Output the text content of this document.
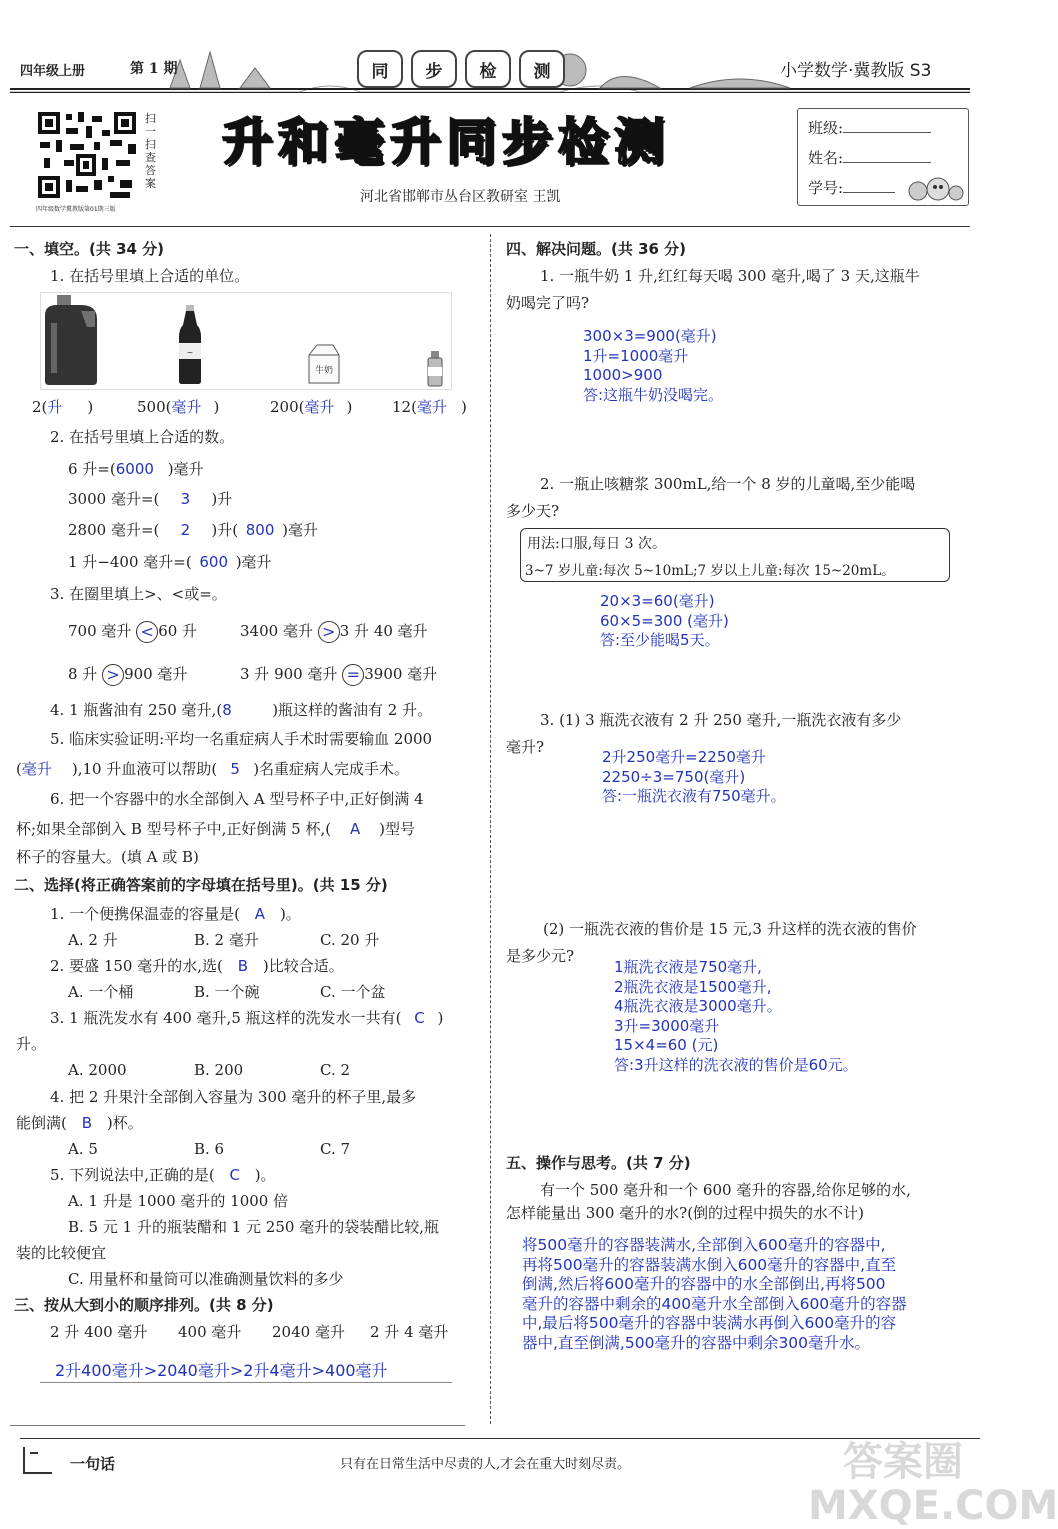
四年级上册	第 1 期	同	步	检	测	小学数学·冀教版 S3
扫一扫查答案
四年级数学冀教版第01期三版
升和毫升同步检测
河北省邯郸市丛台区教研室 王凯
班级:
姓名:
学号:
一、填空。(共 34 分)
1. 在括号里填上合适的单位。
~
牛奶
2(升 )	500(毫升 )	200(毫升 )	12(毫升 )
2. 在括号里填上合适的数。
6 升=(6000 )毫升
3000 毫升=( 3 )升
2800 毫升=( 2 )升( 800 )毫升
1 升−400 毫升=( 600 )毫升
3. 在圈里填上>、<或=。
700 毫升 < 60 升	3400 毫升 > 3 升 40 毫升
8 升 > 900 毫升	3 升 900 毫升 = 3900 毫升
4. 1 瓶酱油有 250 毫升,(8	)瓶这样的酱油有 2 升。
5. 临床实验证明:平均一名重症病人手术时需要输血 2000
(毫升 ),10 升血液可以帮助( 5 )名重症病人完成手术。
6. 把一个容器中的水全部倒入 A 型号杯子中,正好倒满 4
杯;如果全部倒入 B 型号杯子中,正好倒满 5 杯,( A )型号
杯子的容量大。(填 A 或 B)
二、选择(将正确答案前的字母填在括号里)。(共 15 分)
1. 一个便携保温壶的容量是( A )。
A. 2 升	B. 2 毫升	C. 20 升
2. 要盛 150 毫升的水,选( B )比较合适。
A. 一个桶	B. 一个碗	C. 一个盆
3. 1 瓶洗发水有 400 毫升,5 瓶这样的洗发水一共有( C )
升。
A. 2000	B. 200	C. 2
4. 把 2 升果汁全部倒入容量为 300 毫升的杯子里,最多
能倒满( B )杯。
A. 5	B. 6	C. 7
5. 下列说法中,正确的是( C )。
A. 1 升是 1000 毫升的 1000 倍
B. 5 元 1 升的瓶装醋和 1 元 250 毫升的袋装醋比较,瓶
装的比较便宜
C. 用量杯和量筒可以准确测量饮料的多少
三、按从大到小的顺序排列。(共 8 分)
2 升 400 毫升 400 毫升 2040 毫升 2 升 4 毫升
2升400毫升>2040毫升>2升4毫升>400毫升
四、解决问题。(共 36 分)
1. 一瓶牛奶 1 升,红红每天喝 300 毫升,喝了 3 天,这瓶牛
奶喝完了吗?
300×3=900(毫升)
1升=1000毫升
1000>900
答:这瓶牛奶没喝完。
2. 一瓶止咳糖浆 300mL,给一个 8 岁的儿童喝,至少能喝
多少天?
用法:口服,每日 3 次。
3~7 岁儿童:每次 5~10mL;7 岁以上儿童:每次 15~20mL。
20×3=60(毫升)
60×5=300 (毫升)
答:至少能喝5天。
3. (1) 3 瓶洗衣液有 2 升 250 毫升,一瓶洗衣液有多少
毫升?
2升250毫升=2250毫升
2250÷3=750(毫升)
答:一瓶洗衣液有750毫升。
(2) 一瓶洗衣液的售价是 15 元,3 升这样的洗衣液的售价
是多少元?
1瓶洗衣液是750毫升,
2瓶洗衣液是1500毫升,
4瓶洗衣液是3000毫升。
3升=3000毫升
15×4=60 (元)
答:3升这样的洗衣液的售价是60元。
五、操作与思考。(共 7 分)
有一个 500 毫升和一个 600 毫升的容器,给你足够的水,
怎样能量出 300 毫升的水?(倒的过程中损失的水不计)
将500毫升的容器装满水,全部倒入600毫升的容器中,
再将500毫升的容器装满水倒入600毫升的容器中,直至
倒满,然后将600毫升的容器中的水全部倒出,再将500
毫升的容器中剩余的400毫升水全部倒入600毫升的容器
中,最后将500毫升的容器中装满水再倒入600毫升的容
器中,直至倒满,500毫升的容器中剩余300毫升水。
一句话	只有在日常生活中尽责的人,才会在重大时刻尽责。	答案圈 MXQE.COM
